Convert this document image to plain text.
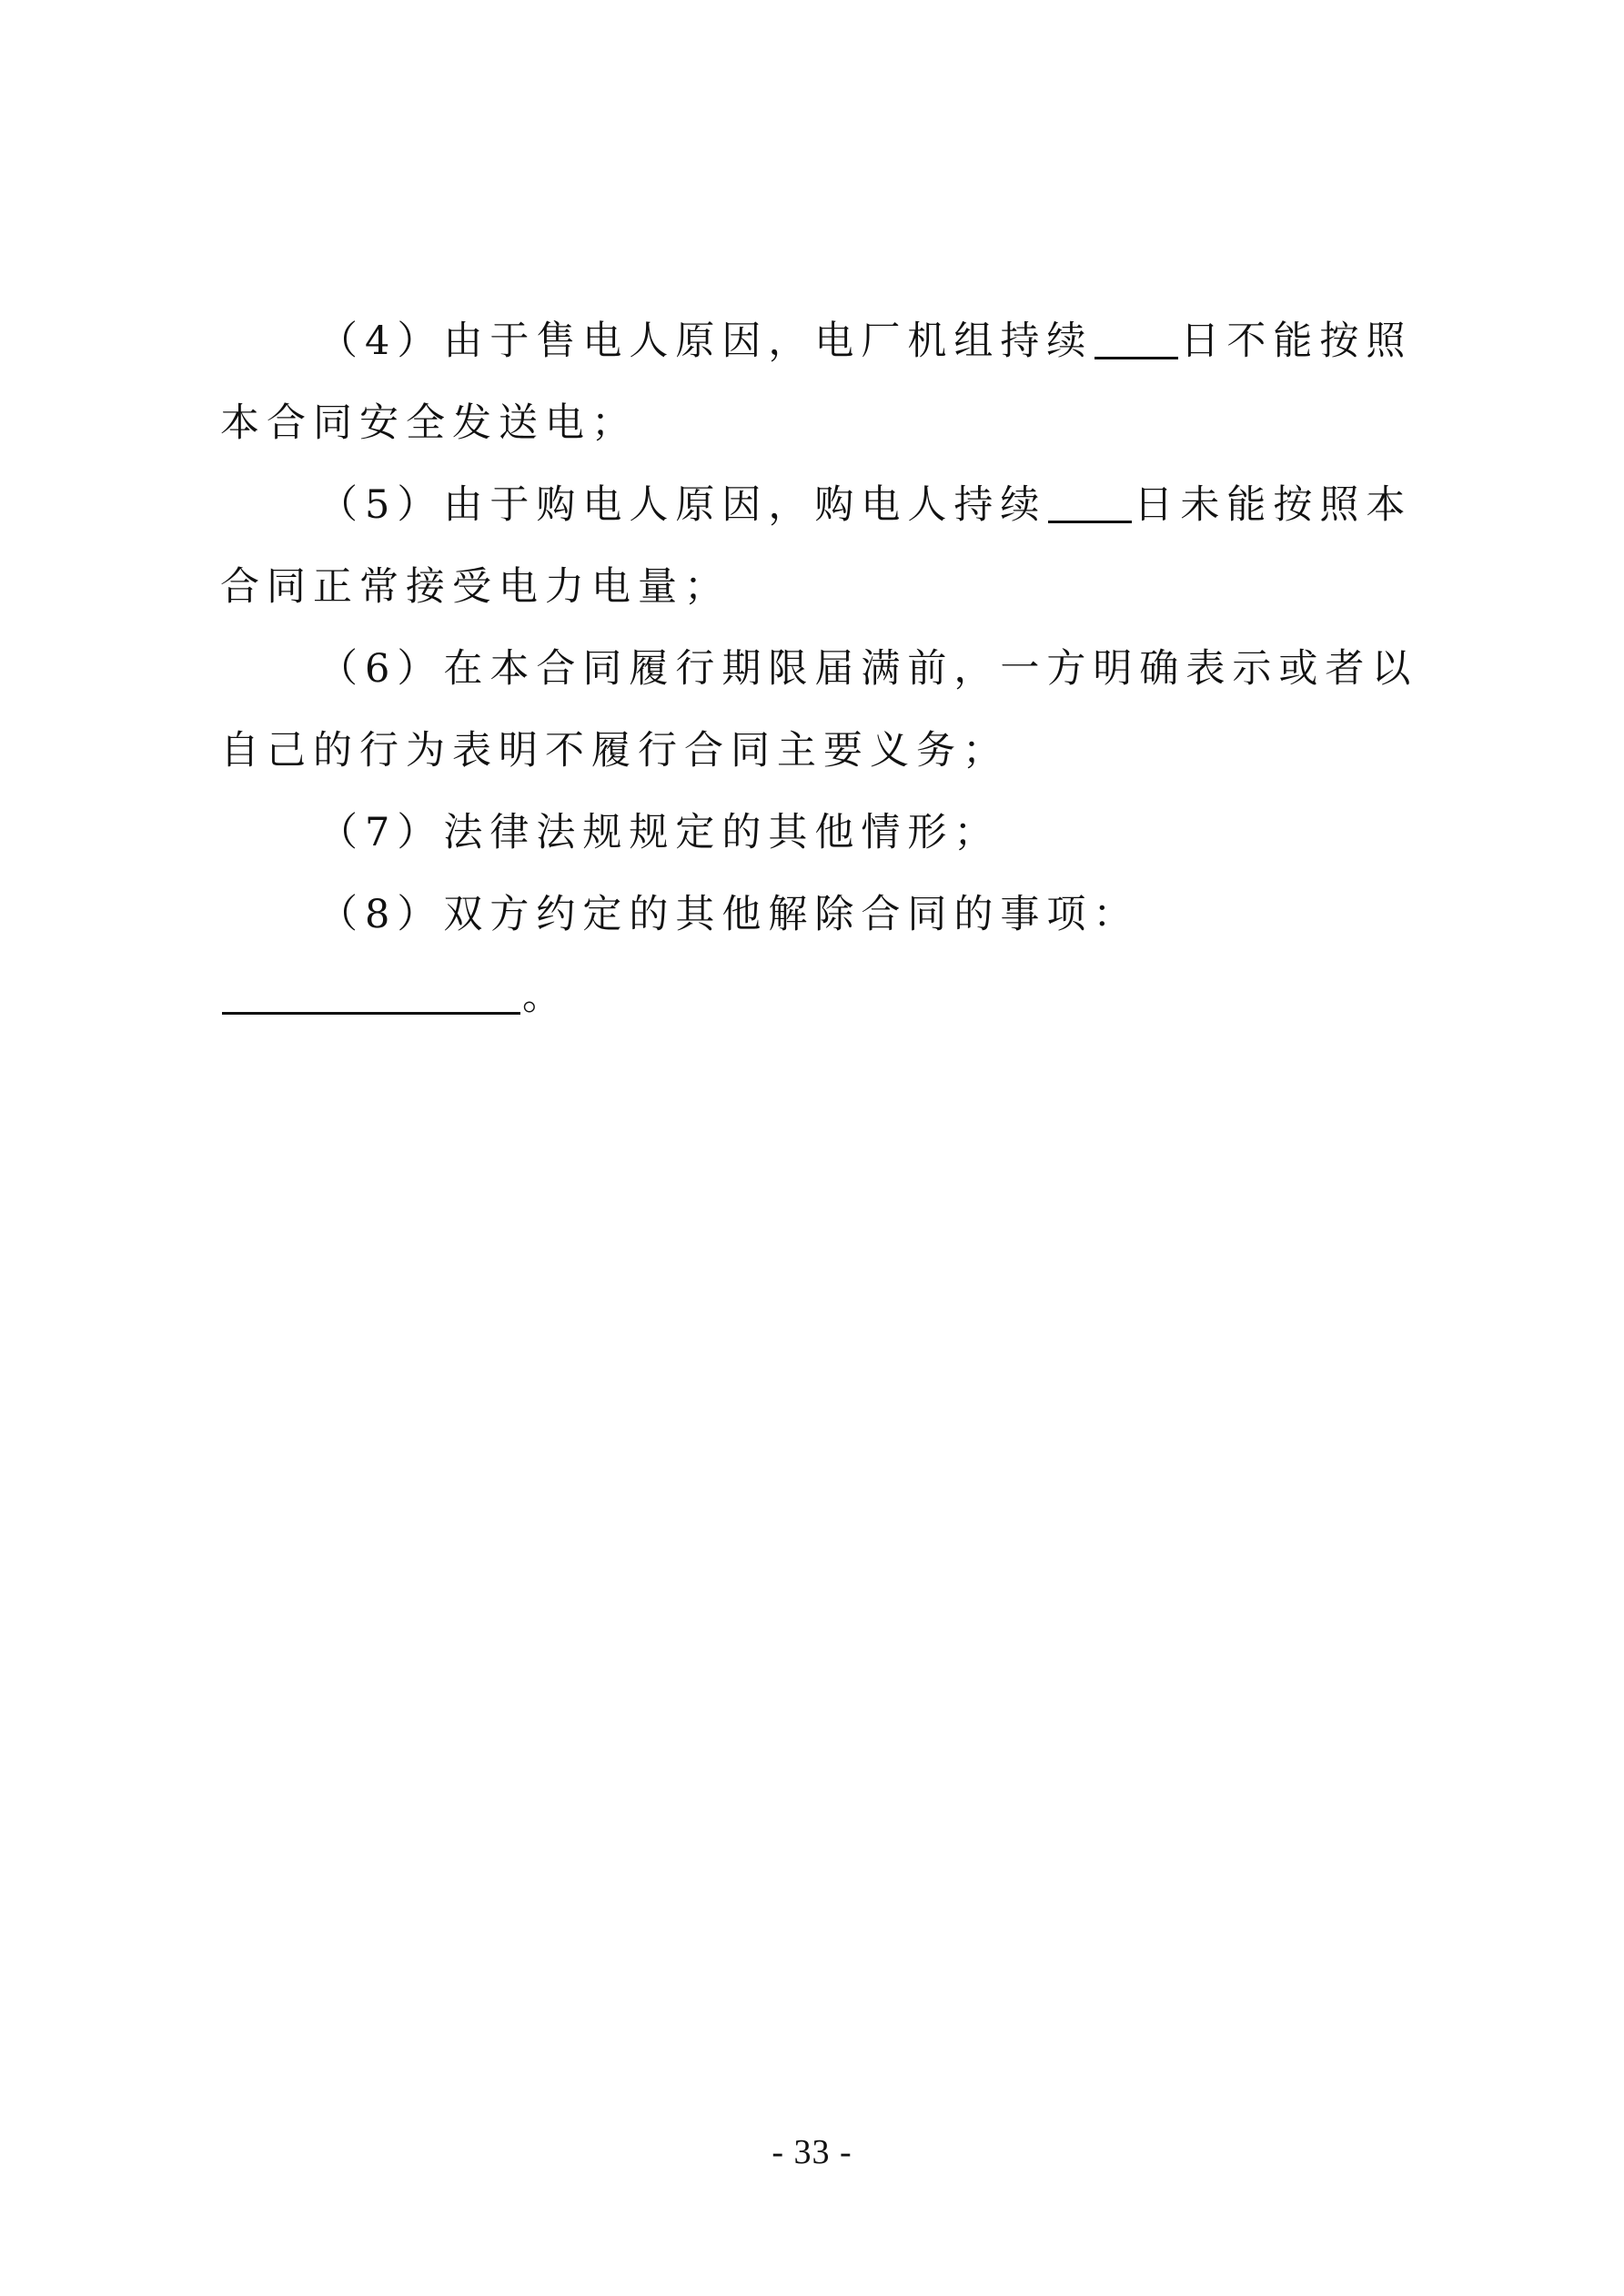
（4）由于售电人原因，电厂机组持续 日不能按照本合同安全发送电；

（5）由于购电人原因，购电人持续 日未能按照本合同正常接受电力电量；

（6）在本合同履行期限届满前，一方明确表示或者以自己的行为表明不履行合同主要义务；

（7）法律法规规定的其他情形；

（8）双方约定的其他解除合同的事项：。

- 33 -
